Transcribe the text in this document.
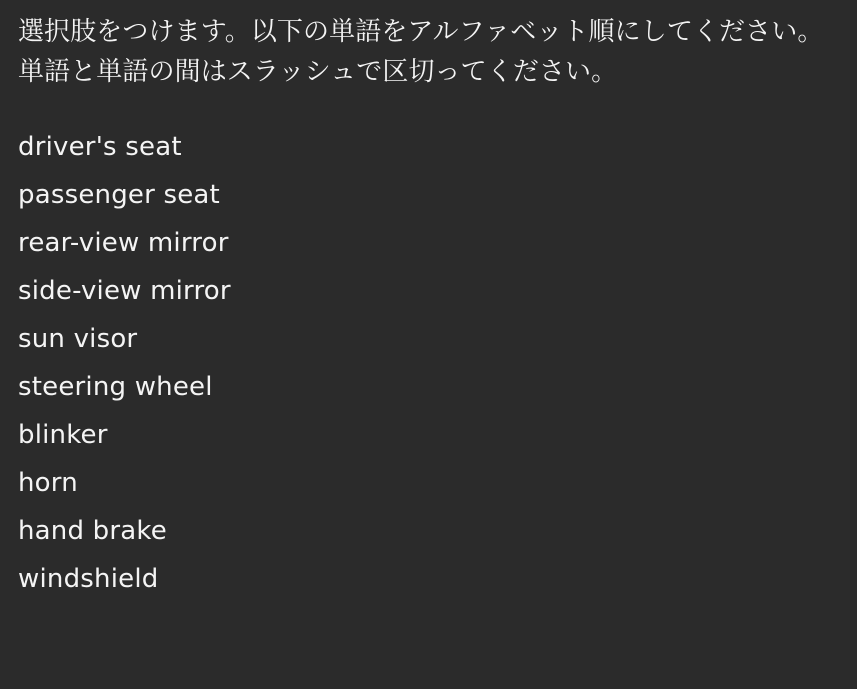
選択肢をつけます。以下の単語をアルファベット順にしてください。単語と単語の間はスラッシュで区切ってください。
driver's seat
passenger seat
rear-view mirror
side-view mirror
sun visor
steering wheel
blinker
horn
hand brake
windshield
